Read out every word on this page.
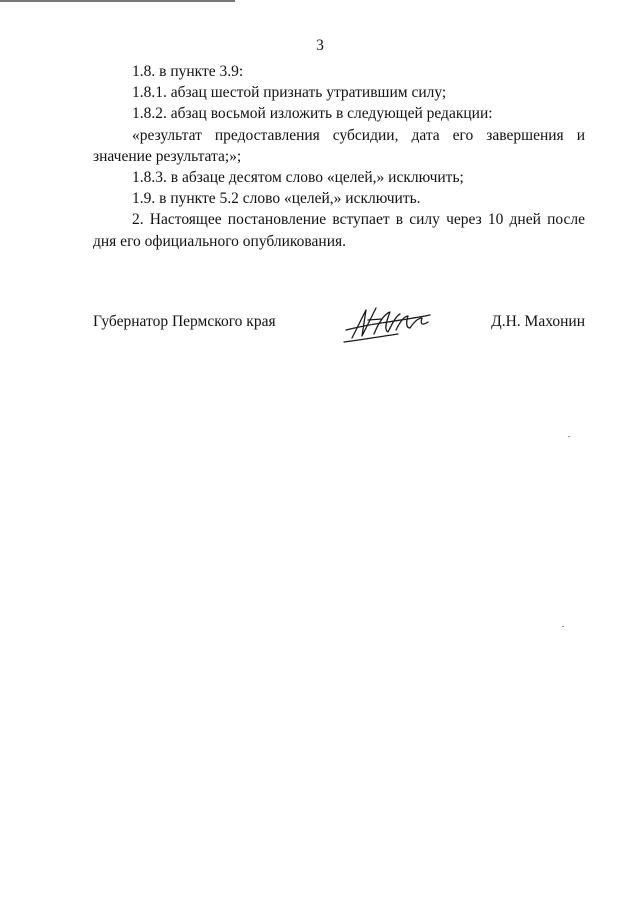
3

1.8. в пункте 3.9:

1.8.1. абзац шестой признать утратившим силу;

1.8.2. абзац восьмой изложить в следующей редакции:

«результат предоставления субсидии, дата его завершения и значение результата;»;

1.8.3. в абзаце десятом слово «целей,» исключить;

1.9. в пункте 5.2 слово «целей,» исключить.

2. Настоящее постановление вступает в силу через 10 дней после дня его официального опубликования.

Губернатор Пермского края	Д.Н. Махонин
